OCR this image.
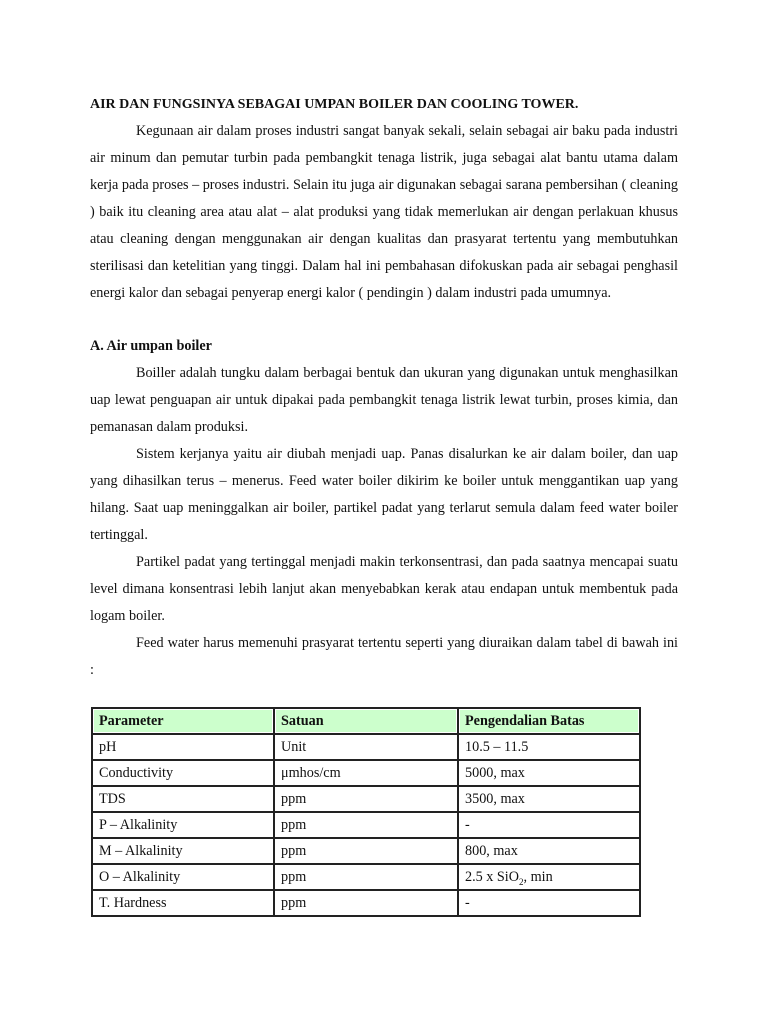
AIR DAN FUNGSINYA SEBAGAI UMPAN BOILER DAN COOLING TOWER.

Kegunaan air dalam proses industri sangat banyak sekali, selain sebagai air baku pada industri air minum dan pemutar turbin pada pembangkit tenaga listrik, juga sebagai alat bantu utama dalam kerja pada proses – proses industri. Selain itu juga air digunakan sebagai sarana pembersihan ( cleaning ) baik itu cleaning area atau alat – alat produksi yang tidak memerlukan air dengan perlakuan khusus atau cleaning dengan menggunakan air dengan kualitas dan prasyarat tertentu yang membutuhkan sterilisasi dan ketelitian yang tinggi. Dalam hal ini pembahasan difokuskan pada air sebagai penghasil energi kalor dan sebagai penyerap energi kalor ( pendingin ) dalam industri pada umumnya.

A. Air umpan boiler

Boiller adalah tungku dalam berbagai bentuk dan ukuran yang digunakan untuk menghasilkan uap lewat penguapan air untuk dipakai pada pembangkit tenaga listrik lewat turbin, proses kimia, dan pemanasan dalam produksi.

Sistem kerjanya yaitu air diubah menjadi uap. Panas disalurkan ke air dalam boiler, dan uap yang dihasilkan terus – menerus. Feed water boiler dikirim ke boiler untuk menggantikan uap yang hilang. Saat uap meninggalkan air boiler, partikel padat yang terlarut semula dalam feed water boiler tertinggal.

Partikel padat yang tertinggal menjadi makin terkonsentrasi, dan pada saatnya mencapai suatu level dimana konsentrasi lebih lanjut akan menyebabkan kerak atau endapan untuk membentuk pada logam boiler.

Feed water harus memenuhi prasyarat tertentu seperti yang diuraikan dalam tabel di bawah ini :

Parameter	Satuan	Pengendalian Batas
pH	Unit	10.5 – 11.5
Conductivity	μmhos/cm	5000, max
TDS	ppm	3500, max
P – Alkalinity	ppm	-
M – Alkalinity	ppm	800, max
O – Alkalinity	ppm	2.5 x SiO$_2$, min
T. Hardness	ppm	-
